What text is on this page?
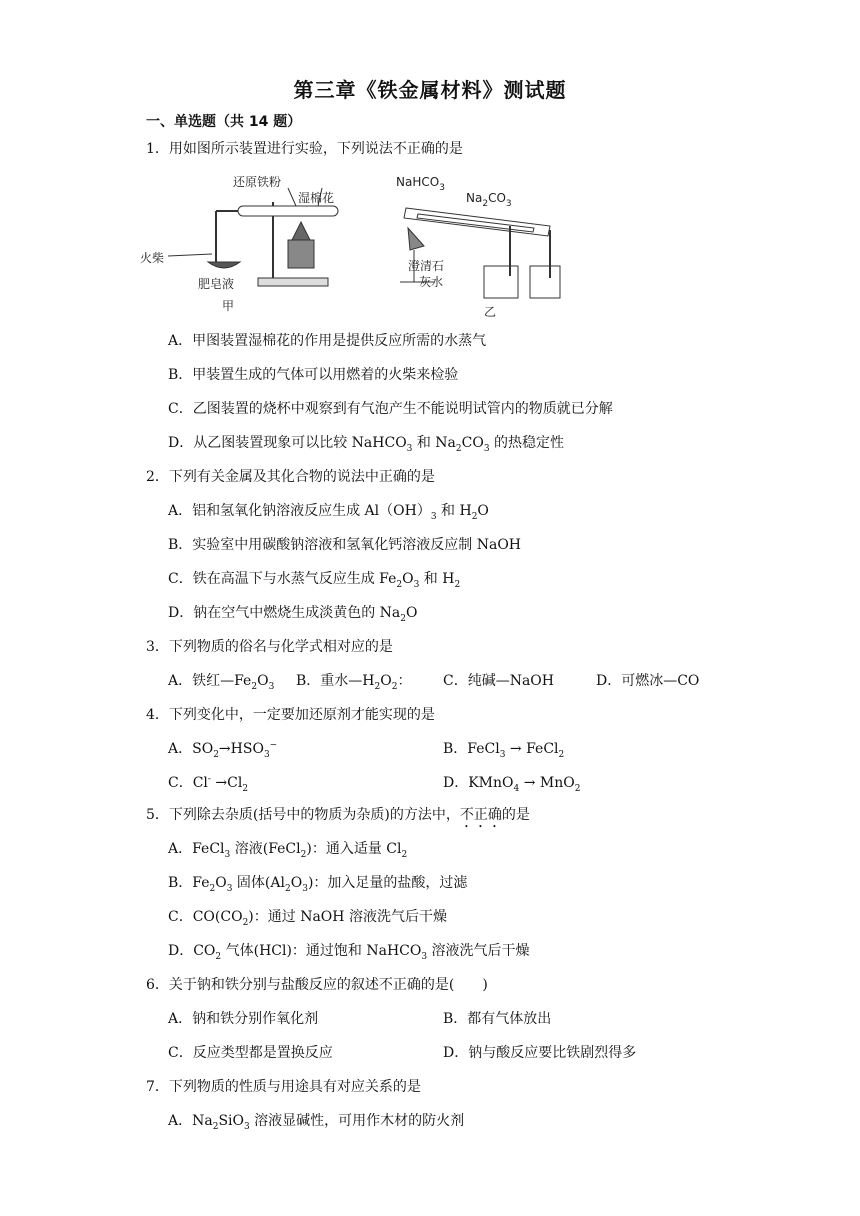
第三章《铁金属材料》测试题
一、单选题（共 14 题）
1．用如图所示装置进行实验，下列说法不正确的是
还原铁粉
湿棉花
火柴
肥皂液
甲
NaHCO$_3$
$Na_2CO_3$
澄清石
灰水
乙
A．甲图装置湿棉花的作用是提供反应所需的水蒸气
B．甲装置生成的气体可以用燃着的火柴来检验
C．乙图装置的烧杯中观察到有气泡产生不能说明试管内的物质就已分解
D．从乙图装置现象可以比较 NaHCO$_3$ 和 $Na_2CO_3$ 的热稳定性
2．下列有关金属及其化合物的说法中正确的是
A．铝和氢氧化钠溶液反应生成 $Al(OH)_3$ 和 $H_2O$
B．实验室中用碳酸钠溶液和氢氧化钙溶液反应制 NaOH
C．铁在高温下与水蒸气反应生成 $Fe_2O_3$ 和 $H_2$
D．钠在空气中燃烧生成淡黄色的 $Na_2O$
3．下列物质的俗名与化学式相对应的是
A．铁红$—Fe_2O_3$ B．重水$—H_2O_2$： C．纯碱—NaOH	D．可燃冰—CO
4．下列变化中，一定要加还原剂才能实现的是
A．$SO_2\to HSO_3^-$	B．FeCl$_3$ → FeCl$_2$
C．$Cl^- \to Cl_2$	D．KMnO$_4$ → MnO$_2$
5．下列除去杂质(括号中的物质为杂质)的方法中，不正确的是
A．FeCl$_3$ 溶液(FeCl$_2$)：通入适量 $Cl_2$
B．$Fe_2O_3$ 固体$(Al_2O_3)$：加入足量的盐酸，过滤
C．$CO(CO_2)$：通过 NaOH 溶液洗气后干燥
D．$CO_2$ 气体(HCl)：通过饱和 NaHCO$_3$ 溶液洗气后干燥
6．关于钠和铁分别与盐酸反应的叙述不正确的是(　　)
A．钠和铁分别作氧化剂	B．都有气体放出
C．反应类型都是置换反应	D．钠与酸反应要比铁剧烈得多
7．下列物质的性质与用途具有对应关系的是
A．$Na_2SiO_3$ 溶液显碱性，可用作木材的防火剂
